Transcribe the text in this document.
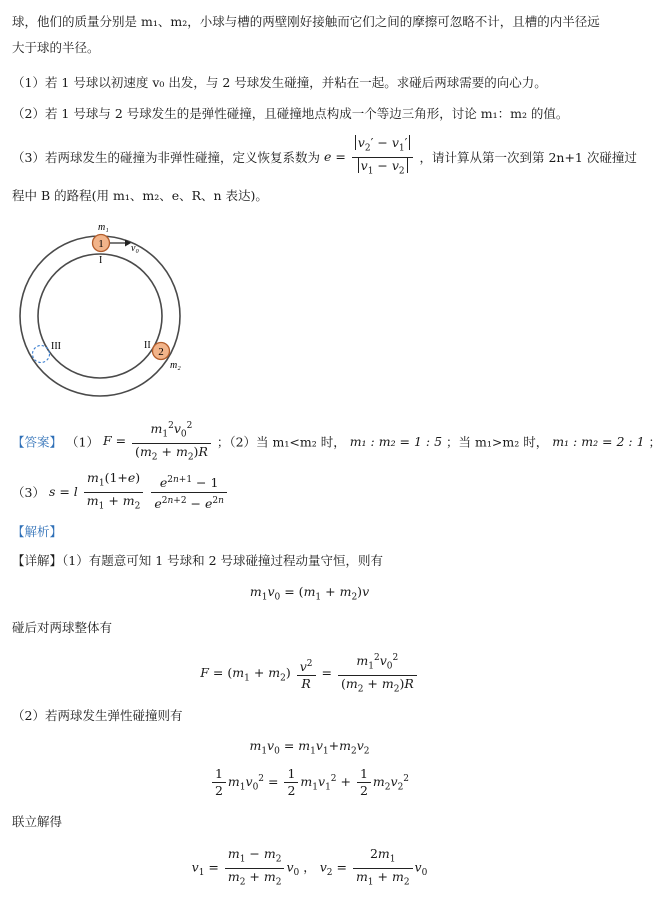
球，他们的质量分别是 m₁、m₂，小球与槽的两壁刚好接触而它们之间的摩擦可忽略不计，且槽的内半径远
大于球的半径。
（1）若 1 号球以初速度 v₀ 出发，与 2 号球发生碰撞，并粘在一起。求碰后两球需要的向心力。
（2）若 1 号球与 2 号球发生的是弹性碰撞，且碰撞地点构成一个等边三角形，讨论 m₁：m₂ 的值。
（3）若两球发生的碰撞为非弹性碰撞，定义恢复系数为 $e = \frac{v_2' - v_1'}{v_1 - v_2}$ ，请计算从第一次到第 2n+1 次碰撞过
程中 B 的路程(用 m₁、m₂、e、R、n 表达)。
1
2
m₁
v₀
I
II
III
m₂
【答案】 （1） $F = \frac{m_1^2v_0^2}{(m_2 + m_2)R}$ ；（2）当 m₁<m₂ 时， m₁ : m₂ = 1 : 5 ；当 m₁>m₂ 时， m₁ : m₂ = 2 : 1 ；
（3） s = l $\frac{m_1(1+e)}{m_1 + m_2}$
$\frac{e^{2n+1} - 1}{e^{2n+2} - e^{2n}}$
【解析】
【详解】（1）有题意可知 1 号球和 2 号球碰撞过程动量守恒，则有
$m_1v_0 = (m_1 + m_2)v$
碰后对两球整体有
$F = (m_1 + m_2) \frac{v^2}{R} = \frac{m_1^2v_0^2}{(m_2 + m_2)R}$
（2）若两球发生弹性碰撞则有
$m_1v_0 = m_1v_1+m_2v_2$
$\frac{1}{2} m_1v_0^2 = \frac{1}{2} m_1v_1^2 + \frac{1}{2} m_2v_2^2$
联立解得
$v_1 = \frac{m_1 - m_2}{m_2 + m_2} v_0$ ， $v_2 = \frac{2m_1}{m_1 + m_2} v_0$
